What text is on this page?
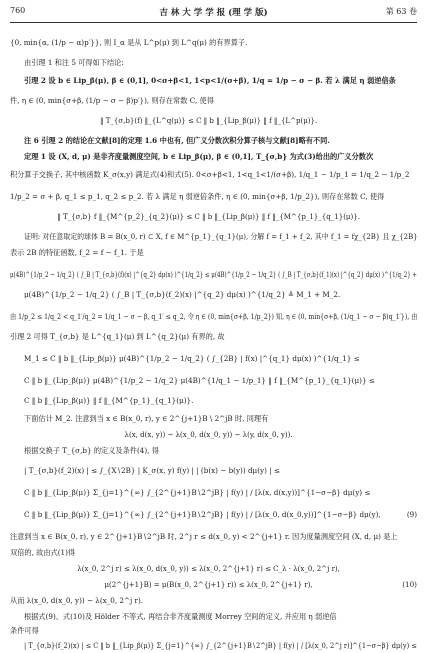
760	吉 林 大 学 学 报 (理 学 版)	第 63 卷
{0, min{α, (1/p − α)p′}}, 则 I_α 是从 L^p(μ) 到 L^q(μ) 的有界算子.
由引理 1 和注 5 可得如下结论:
引理 2 设 b ∈ Lip_β(μ), β ∈ (0,1], 0<σ+β<1, 1<p<1/(σ+β), 1/q = 1/p − σ − β. 若 λ 满足 η 弱逆倍条
件, η ∈ (0, min{σ+β, (1/p − σ − β)p′}), 则存在常数 C, 使得
‖ T_{σ,b}(f) ‖_{L^q(μ)} ≤ C ‖ b ‖_{Lip_β(μ)} ‖ f ‖_{L^p(μ)}.
注 6 引理 2 的结论在文献[8]的定理 1.6 中也有, 但广义分数次积分算子核与文献[8]略有不同.
定理 1 设 (X, d, μ) 是非齐度量测度空间, b ∈ Lip_β(μ), β ∈ (0,1], T_{σ,b} 为式(3)给出的广义分数次
积分算子交换子, 其中核函数 K_σ(x,y) 满足式(4)和式(5). 0<σ+β<1, 1<q_1<1/(σ+β), 1/q_1 − 1/p_1 = 1/q_2 − 1/p_2
1/p_2 = σ + β, q_1 ≤ p_1, q_2 ≤ p_2. 若 λ 满足 η 弱逆倍条件, η ∈ (0, min{σ+β, 1/p_2}), 则存在常数 C, 使得
‖ T_{σ,b} f ‖_{M^{p_2}_{q_2}(μ)} ≤ C ‖ b ‖_{Lip_β(μ)} ‖ f ‖_{M^{p_1}_{q_1}(μ)}.
证明: 对任意取定的球体 B = B(x_0, r) ⊂ X, f ∈ M^{p_1}_{q_1}(μ), 分解 f = f_1 + f_2, 其中 f_1 = fχ_{2B} 且 χ_{2B}
表示 2B 的特征函数, f_2 = f − f_1. 于是
μ(4B)^{1/p_2 − 1/q_2} ( ∫_B | T_{σ,b}(f)(x) |^{q_2} dμ(x) )^{1/q_2} ≤ μ(4B)^{1/p_2 − 1/q_2} ( ∫_B | T_{σ,b}(f_1)(x) |^{q_2} dμ(x) )^{1/q_2} +
μ(4B)^{1/p_2 − 1/q_2} ( ∫_B | T_{σ,b}(f_2)(x) |^{q_2} dμ(x) )^{1/q_2} ≜ M_1 + M_2.
由 1/p_2 ≤ 1/q_2 < q_1′/q_2 = 1/q_1 − σ − β, q_1′ ≤ q_2, 令 η ∈ (0, min{σ+β, 1/p_2}) 知, η ∈ (0, min{σ+β, (1/q_1 − σ − β)q_1′}), 由
引理 2 可得 T_{σ,b} 是 L^{q_1}(μ) 到 L^{q_2}(μ) 有界的, 故
M_1 ≤ C ‖ b ‖_{Lip_β(μ)} μ(4B)^{1/p_2 − 1/q_2} ( ∫_{2B} | f(x) |^{q_1} dμ(x) )^{1/q_1} ≤
C ‖ b ‖_{Lip_β(μ)} μ(4B)^{1/p_2 − 1/q_2} μ(4B)^{1/q_1 − 1/p_1} ‖ f ‖_{M^{p_1}_{q_1}(μ)} ≤
C ‖ b ‖_{Lip_β(μ)} ‖ f ‖_{M^{p_1}_{q_1}(μ)}.
下面估计 M_2. 注意到当 x ∈ B(x_0, r), y ∈ 2^{j+1}B \ 2^jB 时, 同理有
λ(x, d(x, y)) ∼ λ(x_0, d(x_0, y)) ∼ λ(y, d(x_0, y)).
根据交换子 T_{σ,b} 的定义及条件(4), 得
| T_{σ,b}(f_2)(x) | ≤ ∫_{X∖2B} | K_σ(x, y) f(y) | | (b(x) − b(y)) dμ(y) | ≤
C ‖ b ‖_{Lip_β(μ)} Σ_{j=1}^{∞} ∫_{2^{j+1}B∖2^jB} | f(y) | / [λ(x, d(x,y))]^{1−σ−β} dμ(y) ≤
C ‖ b ‖_{Lip_β(μ)} Σ_{j=1}^{∞} ∫_{2^{j+1}B∖2^jB} | f(y) | / [λ(x_0, d(x_0,y))]^{1−σ−β} dμ(y),	(9)
注意到当 x ∈ B(x_0, r), y ∈ 2^{j+1}B∖2^jB 时, 2^j r ≤ d(x_0, y) < 2^{j+1} r. 因为度量测度空间 (X, d, μ) 是上
双倍的, 故由式(1)得
λ(x_0, 2^j r) ≤ λ(x_0, d(x_0, y)) ≤ λ(x_0, 2^{j+1} r) ≤ C_λ · λ(x_0, 2^j r),
μ(2^{j+1}B) = μ(B(x_0, 2^{j+1} r)) ≤ λ(x_0, 2^{j+1} r),	(10)
从而 λ(x_0, d(x_0, y)) ∼ λ(x_0, 2^j r).
根据式(9)、式(10)及 Hölder 不等式, 再结合非齐度量测度 Morrey 空间的定义, 并应用 η 弱逆倍
条件可得
| T_{σ,b}(f_2)(x) | ≤ C ‖ b ‖_{Lip_β(μ)} Σ_{j=1}^{∞} ∫_{2^{j+1}B∖2^jB} | f(y) | / [λ(x_0, 2^j r)]^{1−σ−β} dμ(y) ≤
